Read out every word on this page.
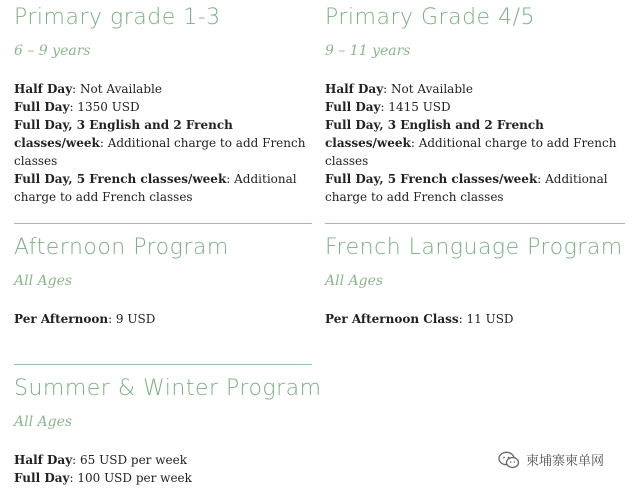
Primary grade 1-3

6 – 9 years

Half Day: Not Available
Full Day: 1350 USD
Full Day, 3 English and 2 French classes/week: Additional charge to add French classes
Full Day, 5 French classes/week: Additional charge to add French classes
Primary Grade 4/5

9 – 11 years

Half Day: Not Available
Full Day: 1415 USD
Full Day, 3 English and 2 French classes/week: Additional charge to add French classes
Full Day, 5 French classes/week: Additional charge to add French classes
Afternoon Program

All Ages

Per Afternoon: 9 USD
French Language Program

All Ages

Per Afternoon Class: 11 USD
Summer & Winter Program

All Ages

Half Day: 65 USD per week
Full Day: 100 USD per week
柬埔寨柬单网
